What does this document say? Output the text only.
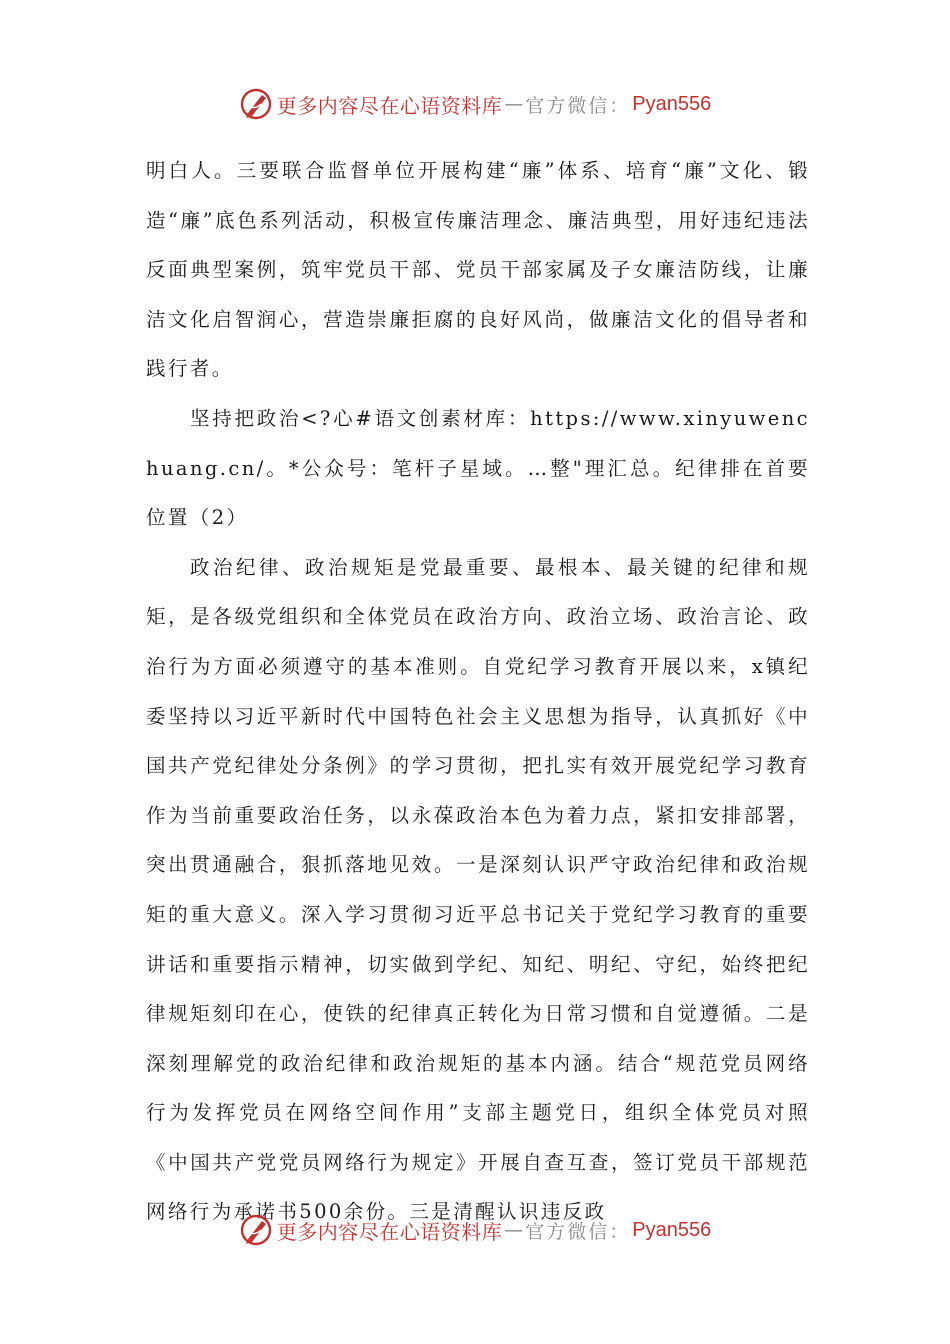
更多内容尽在心语资料库 — 官方微信： Pyan556

明白人。三要联合监督单位开展构建“廉”体系、培育“廉”文化、锻造“廉”底色系列活动，积极宣传廉洁理念、廉洁典型，用好违纪违法反面典型案例，筑牢党员干部、党员干部家属及子女廉洁防线，让廉洁文化启智润心，营造崇廉拒腐的良好风尚，做廉洁文化的倡导者和践行者。

坚持把政治<?心#语文创素材库：https://www.xinyuwenchuang.cn/。*公众号：笔杆子星域。…整"理汇总。纪律排在首要位置（2）

政治纪律、政治规矩是党最重要、最根本、最关键的纪律和规矩，是各级党组织和全体党员在政治方向、政治立场、政治言论、政治行为方面必须遵守的基本准则。自党纪学习教育开展以来，x镇纪委坚持以习近平新时代中国特色社会主义思想为指导，认真抓好《中国共产党纪律处分条例》的学习贯彻，把扎实有效开展党纪学习教育作为当前重要政治任务，以永葆政治本色为着力点，紧扣安排部署，突出贯通融合，狠抓落地见效。一是深刻认识严守政治纪律和政治规矩的重大意义。深入学习贯彻习近平总书记关于党纪学习教育的重要讲话和重要指示精神，切实做到学纪、知纪、明纪、守纪，始终把纪律规矩刻印在心，使铁的纪律真正转化为日常习惯和自觉遵循。二是深刻理解党的政治纪律和政治规矩的基本内涵。结合“规范党员网络行为发挥党员在网络空间作用”支部主题党日，组织全体党员对照《中国共产党党员网络行为规定》开展自查互查，签订党员干部规范网络行为承诺书500余份。三是清醒认识违反政

更多内容尽在心语资料库 — 官方微信： Pyan556
